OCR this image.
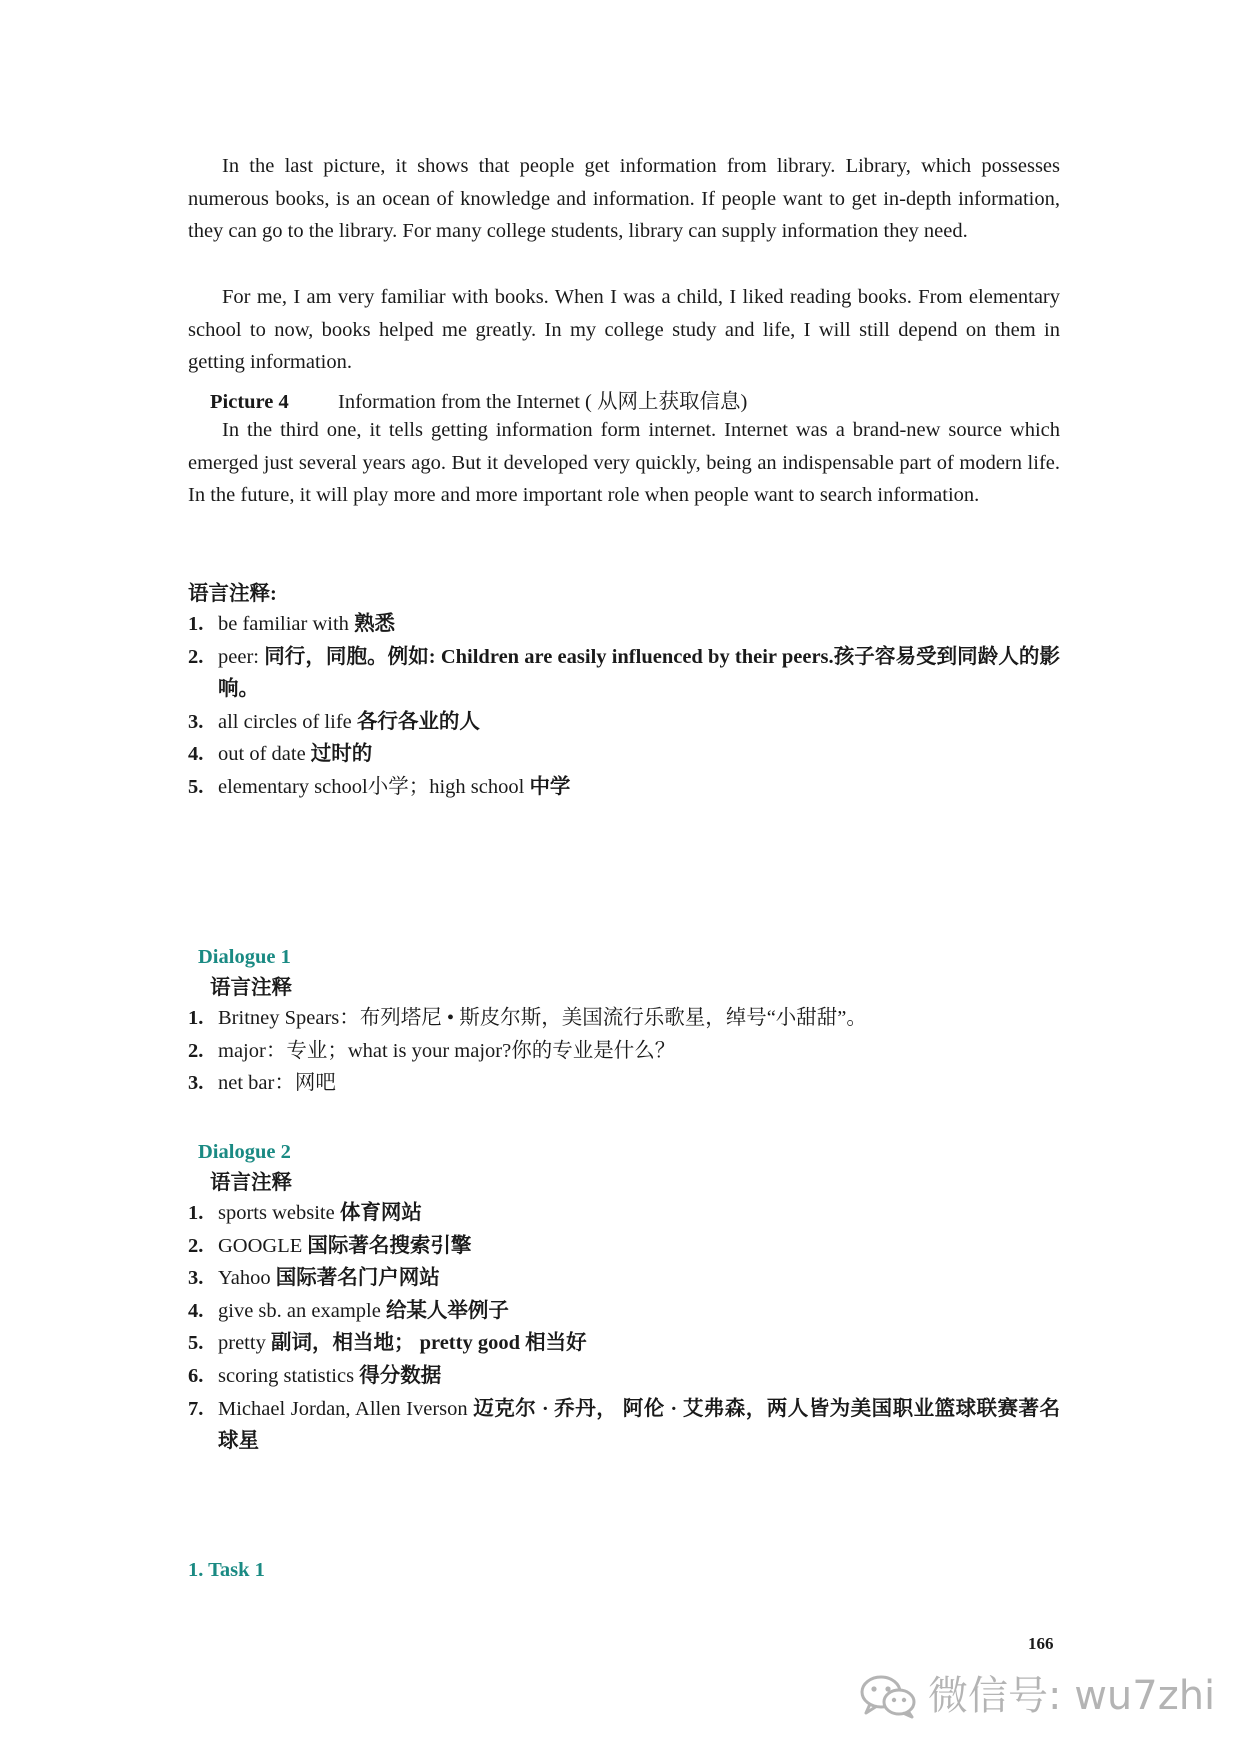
In the last picture, it shows that people get information from library. Library, which possesses numerous books, is an ocean of knowledge and information. If people want to get in-depth information, they can go to the library. For many college students, library can supply information they need.

For me, I am very familiar with books. When I was a child, I liked reading books. From elementary school to now, books helped me greatly. In my college study and life, I will still depend on them in getting information.

Picture 4 Information from the Internet ( 从网上获取信息)

In the third one, it tells getting information form internet. Internet was a brand-new source which emerged just several years ago. But it developed very quickly, being an indispensable part of modern life. In the future, it will play more and more important role when people want to search information.

语言注释:
1. be familiar with 熟悉
2. peer: 同行，同胞。例如: Children are easily influenced by their peers.孩子容易受到同龄人的影响。
3. all circles of life 各行各业的人
4. out of date 过时的
5. elementary school小学；high school 中学
Dialogue 1
语言注释
1. Britney Spears：布列塔尼 • 斯皮尔斯，美国流行乐歌星，绰号“小甜甜”。
2. major：专业；what is your major?你的专业是什么？
3. net bar：网吧
Dialogue 2
语言注释
1. sports website 体育网站
2. GOOGLE 国际著名搜索引擎
3. Yahoo 国际著名门户网站
4. give sb. an example 给某人举例子
5. pretty 副词，相当地； pretty good 相当好
6. scoring statistics 得分数据
7. Michael Jordan, Allen Iverson 迈克尔 · 乔丹， 阿伦 · 艾弗森，两人皆为美国职业篮球联赛著名球星
1. Task 1
166
微信号: wu7zhi
